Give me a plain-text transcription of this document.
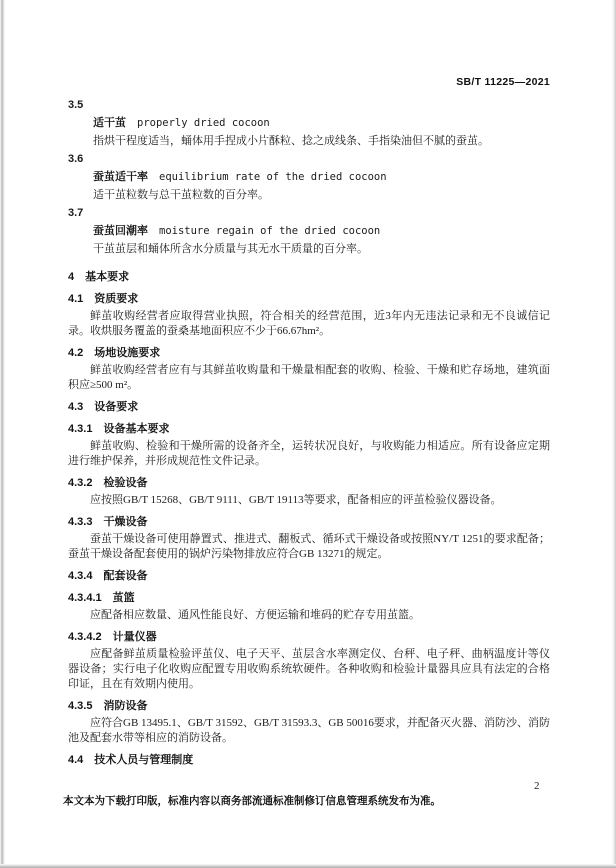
SB/T 11225—2021
3.5
适干茧 properly dried cocoon
指烘干程度适当，蛹体用手捏成小片酥粒、捻之成线条、手指染油但不腻的蚕茧。
3.6
蚕茧适干率 equilibrium rate of the dried cocoon
适干茧粒数与总干茧粒数的百分率。
3.7
蚕茧回潮率 moisture regain of the dried cocoon
干茧茧层和蛹体所含水分质量与其无水干质量的百分率。
4 基本要求
4.1 资质要求

鲜茧收购经营者应取得营业执照，符合相关的经营范围，近3年内无违法记录和无不良诚信记录。收烘服务覆盖的蚕桑基地面积应不少于66.67hm²。

4.2 场地设施要求

鲜茧收购经营者应有与其鲜茧收购量和干燥量相配套的收购、检验、干燥和贮存场地，建筑面积应≥500 m²。

4.3 设备要求
4.3.1 设备基本要求

鲜茧收购、检验和干燥所需的设备齐全，运转状况良好，与收购能力相适应。所有设备应定期进行维护保养，并形成规范性文件记录。

4.3.2 检验设备

应按照GB/T 15268、GB/T 9111、GB/T 19113等要求，配备相应的评茧检验仪器设备。

4.3.3 干燥设备

蚕茧干燥设备可使用静置式、推进式、翻板式、循环式干燥设备或按照NY/T 1251的要求配备；蚕茧干燥设备配套使用的锅炉污染物排放应符合GB 13271的规定。

4.3.4 配套设备
4.3.4.1 茧篮

应配备相应数量、通风性能良好、方便运输和堆码的贮存专用茧篮。

4.3.4.2 计量仪器

应配备鲜茧质量检验评茧仪、电子天平、茧层含水率测定仪、台秤、电子秤、曲柄温度计等仪器设备；实行电子化收购应配置专用收购系统软硬件。各种收购和检验计量器具应具有法定的合格印证，且在有效期内使用。

4.3.5 消防设备

应符合GB 13495.1、GB/T 31592、GB/T 31593.3、GB 50016要求，并配备灭火器、消防沙、消防池及配套水带等相应的消防设备。

4.4 技术人员与管理制度
2
本文本为下载打印版，标准内容以商务部流通标准制修订信息管理系统发布为准。
